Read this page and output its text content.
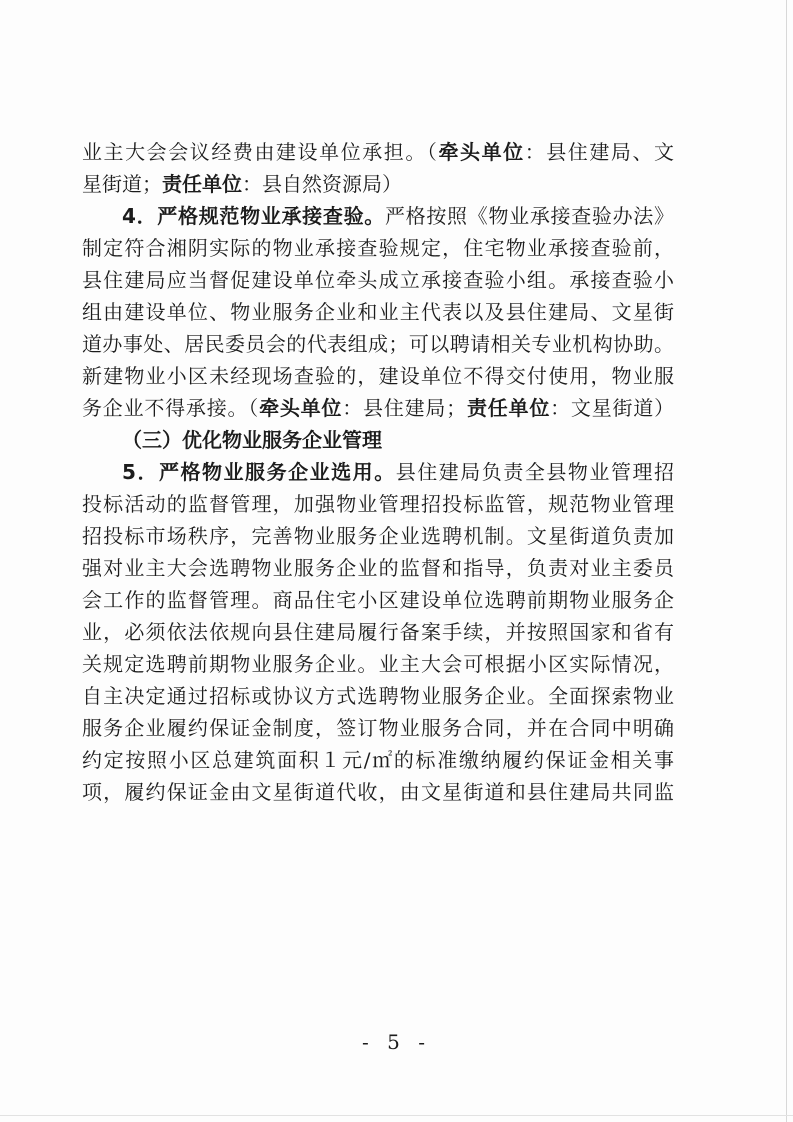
业主大会会议经费由建设单位承担。（牵头单位：县住建局、文
星街道；责任单位：县自然资源局）
4．严格规范物业承接查验。严格按照《物业承接查验办法》
制定符合湘阴实际的物业承接查验规定，住宅物业承接查验前，
县住建局应当督促建设单位牵头成立承接查验小组。承接查验小
组由建设单位、物业服务企业和业主代表以及县住建局、文星街
道办事处、居民委员会的代表组成；可以聘请相关专业机构协助。
新建物业小区未经现场查验的，建设单位不得交付使用，物业服
务企业不得承接。（牵头单位：县住建局；责任单位：文星街道）
（三）优化物业服务企业管理
5．严格物业服务企业选用。县住建局负责全县物业管理招
投标活动的监督管理，加强物业管理招投标监管，规范物业管理
招投标市场秩序，完善物业服务企业选聘机制。文星街道负责加
强对业主大会选聘物业服务企业的监督和指导，负责对业主委员
会工作的监督管理。商品住宅小区建设单位选聘前期物业服务企
业，必须依法依规向县住建局履行备案手续，并按照国家和省有
关规定选聘前期物业服务企业。业主大会可根据小区实际情况，
自主决定通过招标或协议方式选聘物业服务企业。全面探索物业
服务企业履约保证金制度，签订物业服务合同，并在合同中明确
约定按照小区总建筑面积１元/㎡的标准缴纳履约保证金相关事
项，履约保证金由文星街道代收，由文星街道和县住建局共同监
- 5 -
